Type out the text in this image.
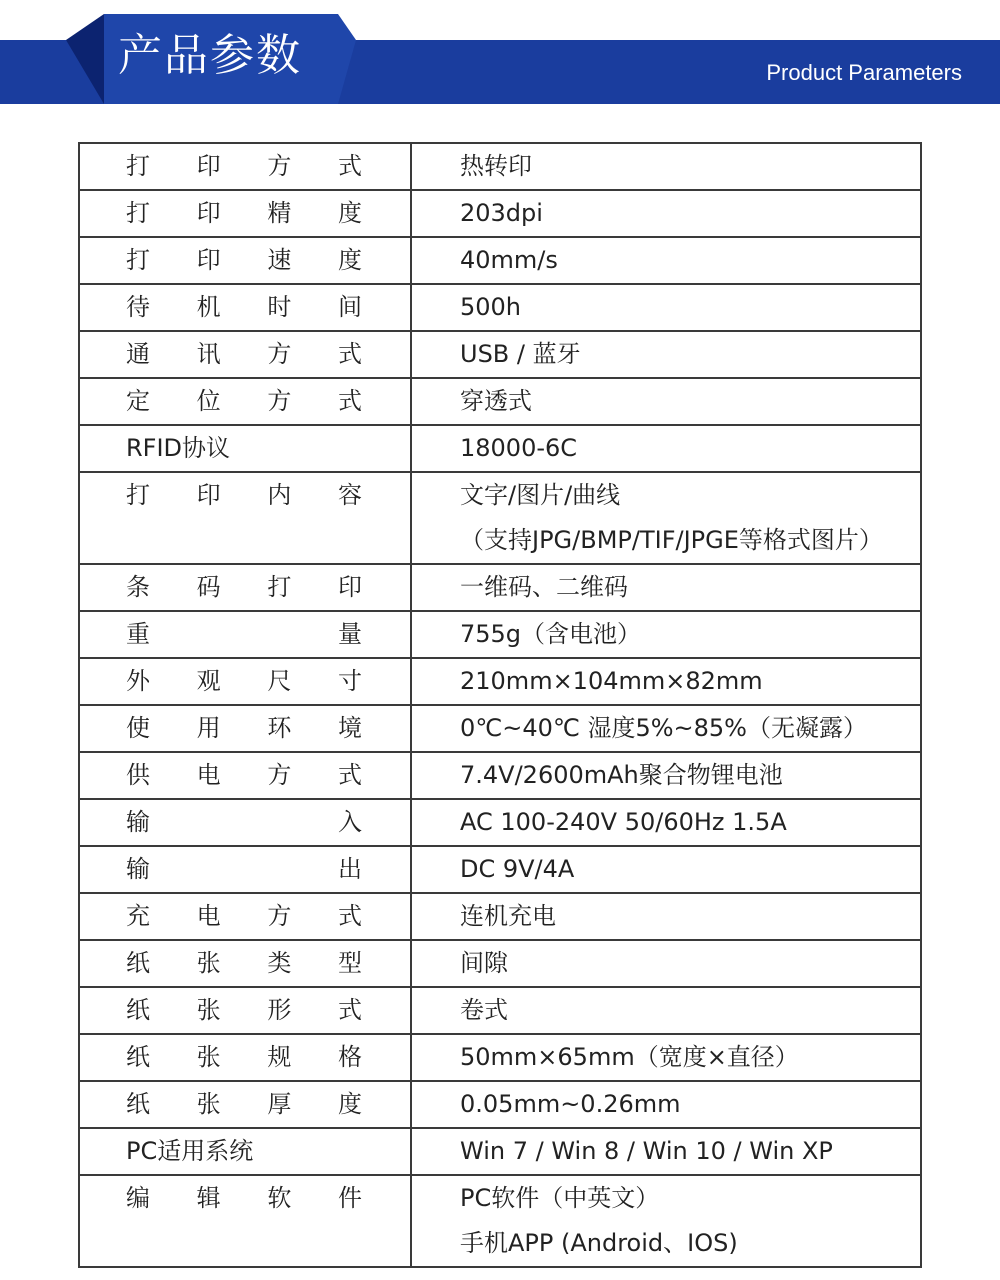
产品参数	Product Parameters
打印方式	热转印

打印精度	203dpi

打印速度	40mm/s

待机时间	500h

通讯方式	USB / 蓝牙

定位方式	穿透式

RFID协议	18000-6C

打印内容	文字/图片/曲线
（支持JPG/BMP/TIF/JPGE等格式图片）

条码打印	一维码、二维码

重量	755g（含电池）

外观尺寸	210mm×104mm×82mm

使用环境	0℃~40℃ 湿度5%~85%（无凝露）

供电方式	7.4V/2600mAh聚合物锂电池

输入	AC 100-240V 50/60Hz 1.5A

输出	DC 9V/4A

充电方式	连机充电

纸张类型	间隙

纸张形式	卷式

纸张规格	50mm×65mm（宽度×直径）

纸张厚度	0.05mm~0.26mm

PC适用系统	Win 7 / Win 8 / Win 10 / Win XP

编辑软件	PC软件（中英文）
手机APP (Android、IOS)
